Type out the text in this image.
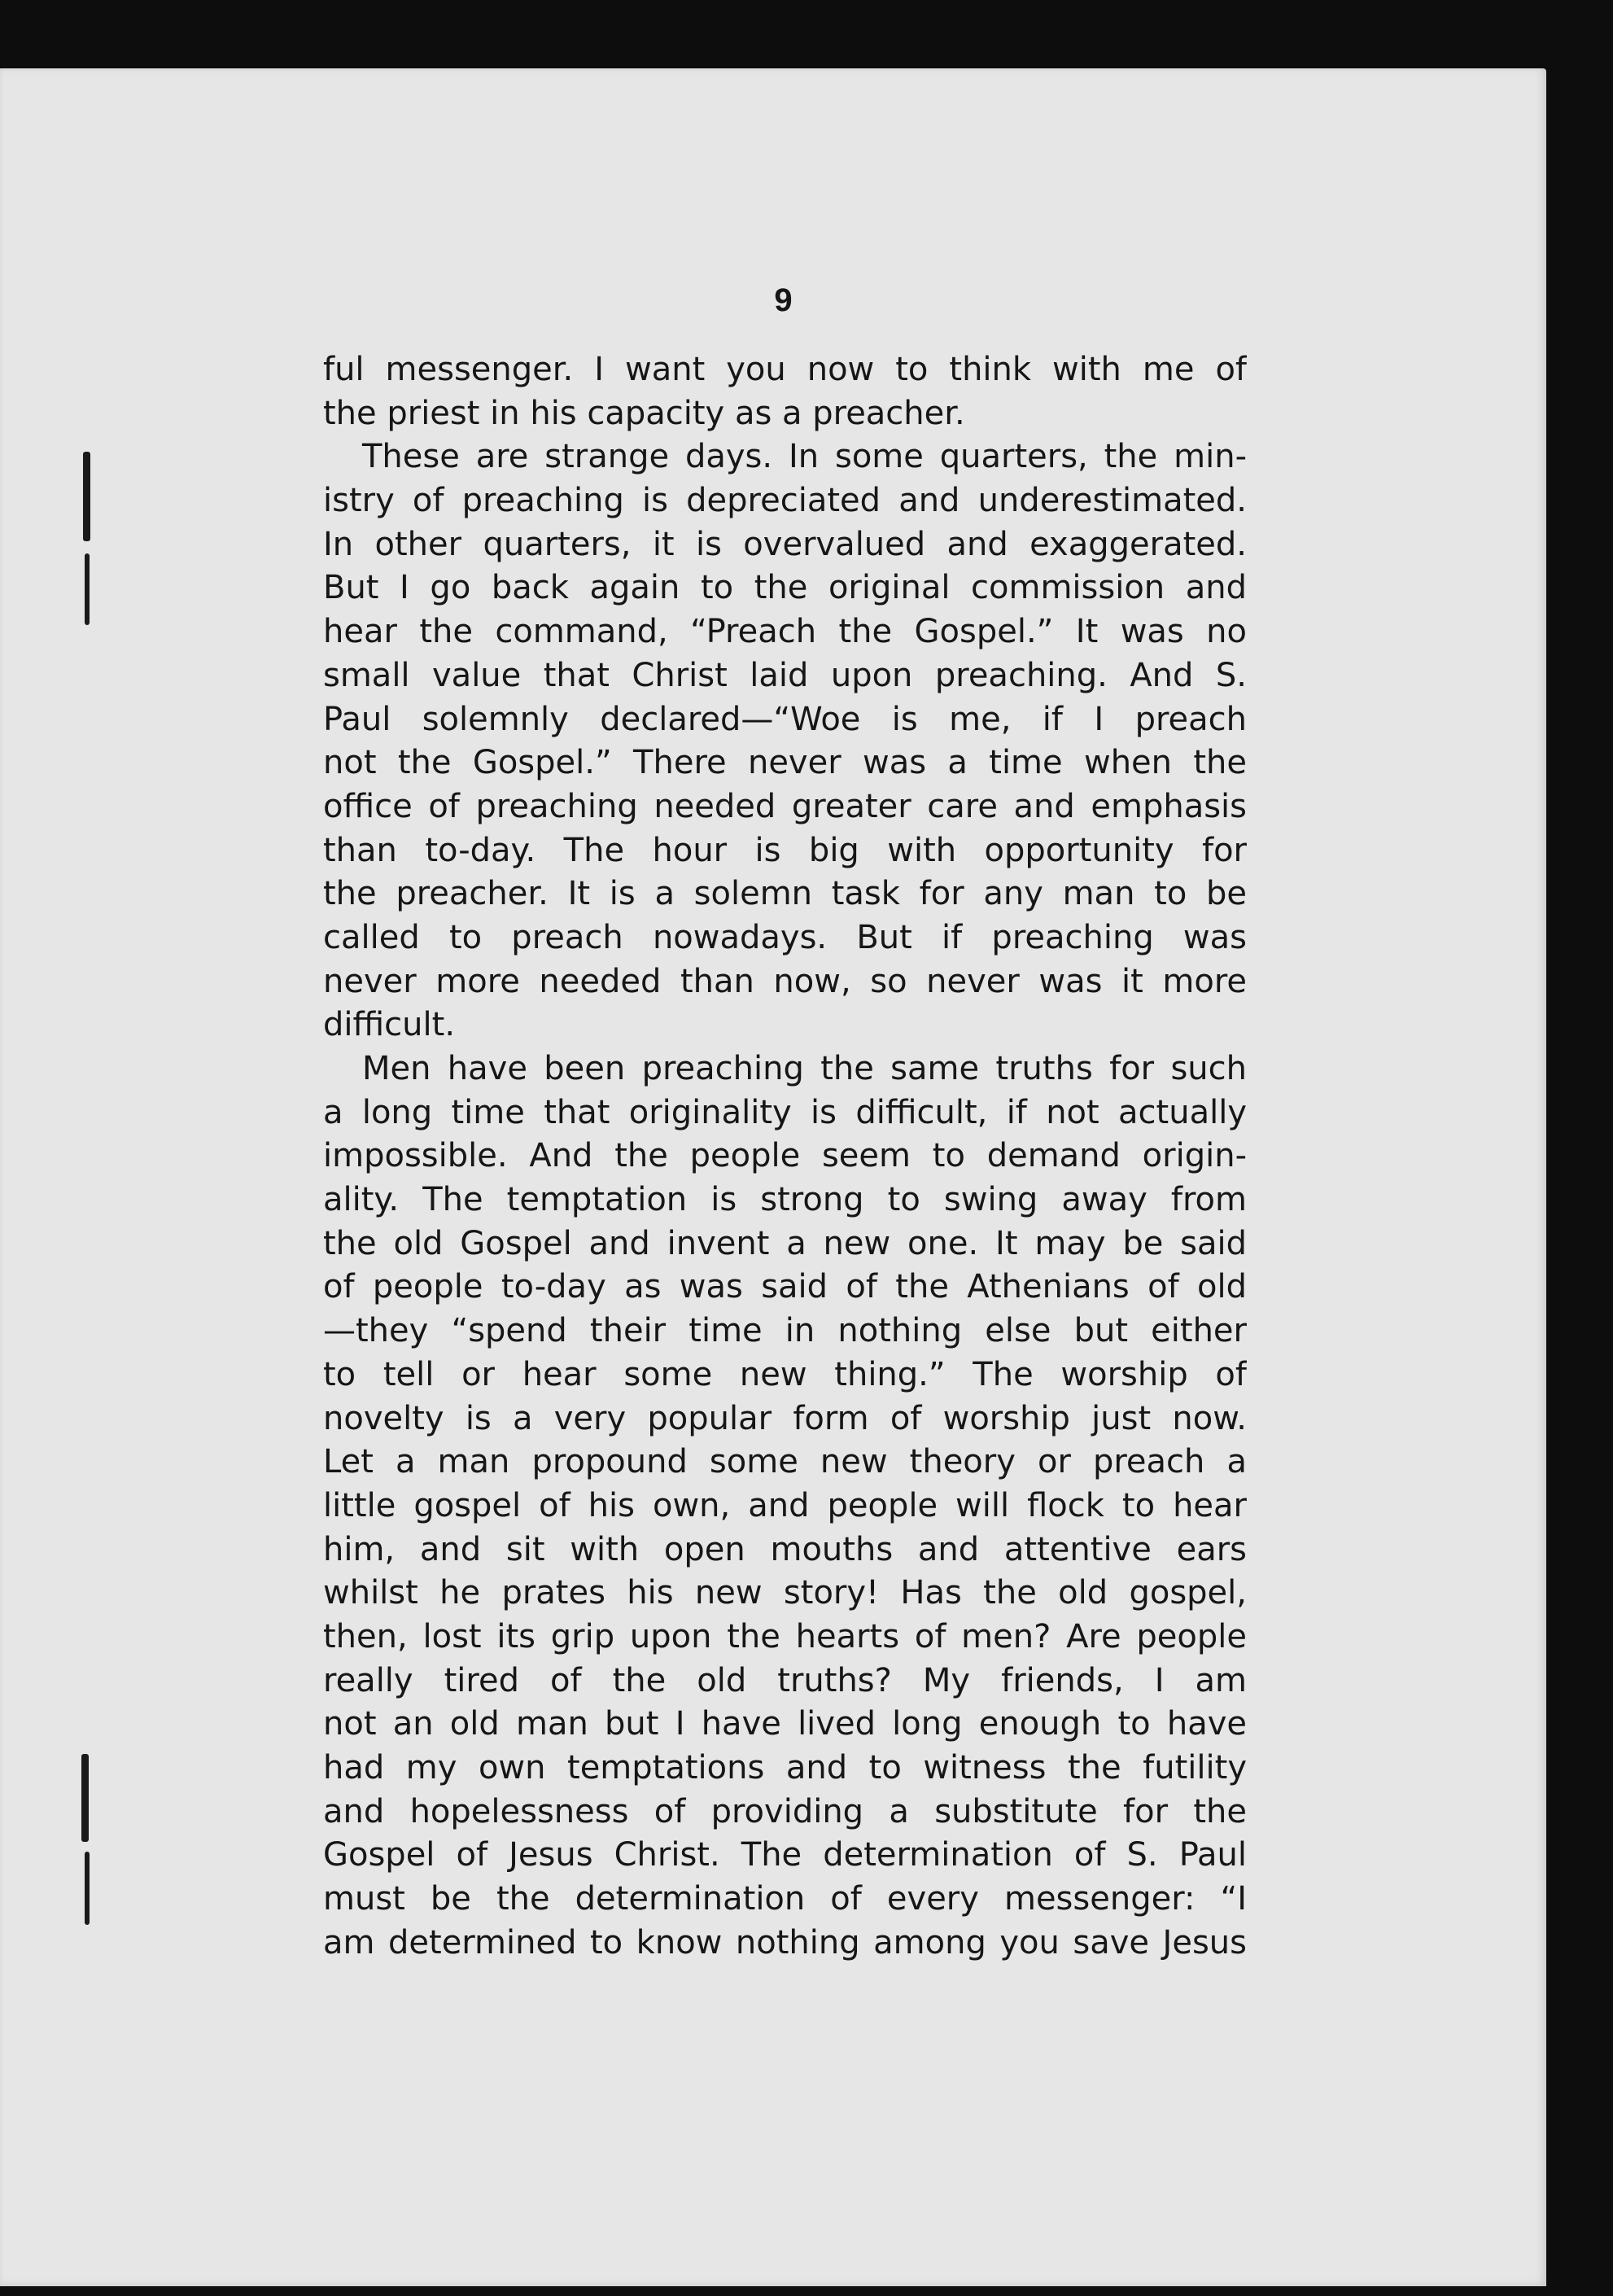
9
ful messenger. I want you now to think with me of
the priest in his capacity as a preacher.
These are strange days. In some quarters, the min-
istry of preaching is depreciated and underestimated.
In other quarters, it is overvalued and exaggerated.
But I go back again to the original commission and
hear the command, “Preach the Gospel.” It was no
small value that Christ laid upon preaching. And S.
Paul solemnly declared—“Woe is me, if I preach
not the Gospel.” There never was a time when the
office of preaching needed greater care and emphasis
than to-day. The hour is big with opportunity for
the preacher. It is a solemn task for any man to be
called to preach nowadays. But if preaching was
never more needed than now, so never was it more
difficult.
Men have been preaching the same truths for such
a long time that originality is difficult, if not actually
impossible. And the people seem to demand origin-
ality. The temptation is strong to swing away from
the old Gospel and invent a new one. It may be said
of people to-day as was said of the Athenians of old
—they “spend their time in nothing else but either
to tell or hear some new thing.” The worship of
novelty is a very popular form of worship just now.
Let a man propound some new theory or preach a
little gospel of his own, and people will flock to hear
him, and sit with open mouths and attentive ears
whilst he prates his new story! Has the old gospel,
then, lost its grip upon the hearts of men? Are people
really tired of the old truths? My friends, I am
not an old man but I have lived long enough to have
had my own temptations and to witness the futility
and hopelessness of providing a substitute for the
Gospel of Jesus Christ. The determination of S. Paul
must be the determination of every messenger: “I
am determined to know nothing among you save Jesus
